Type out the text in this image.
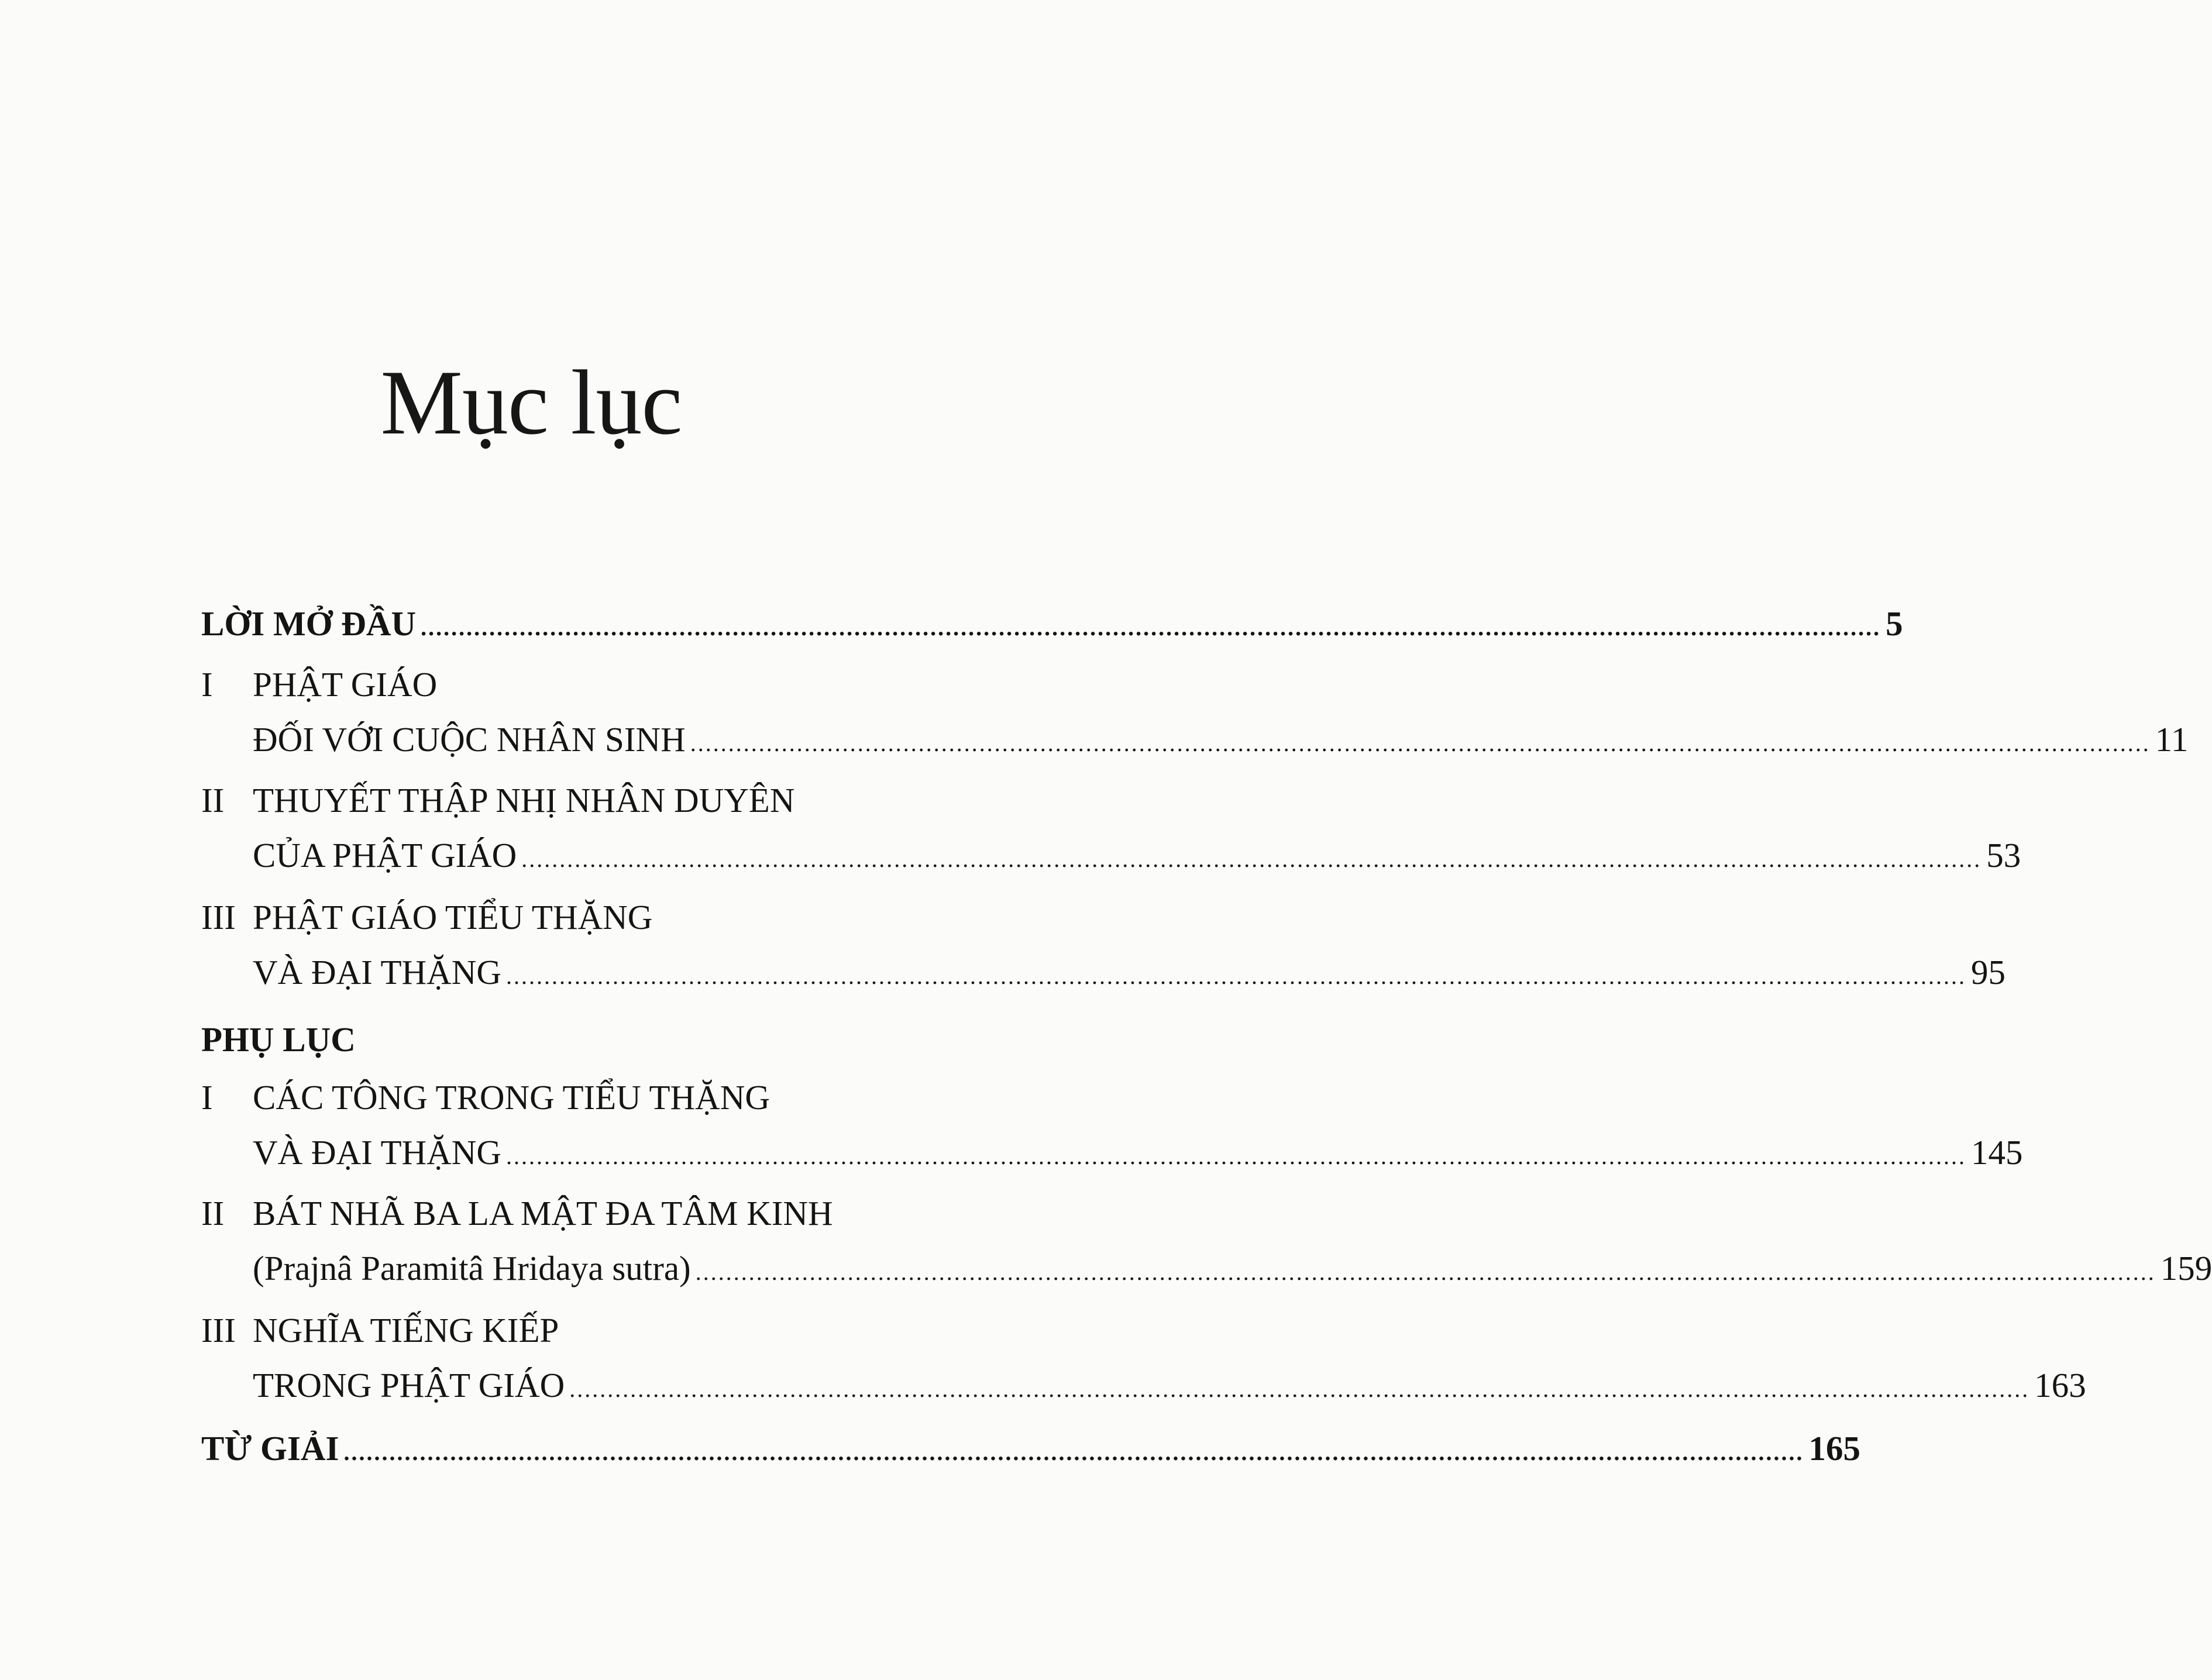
Mục lục
LỜI MỞ ĐẦU ................................................................................................................................................................................................ 5
I	PHẬT GIÁO
ĐỐI VỚI CUỘC NHÂN SINH ................................................................................................................................................................................................ 11
II THUYẾT THẬP NHỊ NHÂN DUYÊN
CỦA PHẬT GIÁO ................................................................................................................................................................................................ 53
III PHẬT GIÁO TIỂU THẶNG
VÀ ĐẠI THẶNG ................................................................................................................................................................................................ 95
PHỤ LỤC
I	CÁC TÔNG TRONG TIỂU THẶNG
VÀ ĐẠI THẶNG ................................................................................................................................................................................................ 145
II BÁT NHÃ BA LA MẬT ĐA TÂM KINH
(Prajnâ Paramitâ Hridaya sutra) ................................................................................................................................................................................................ 159
III NGHĨA TIẾNG KIẾP
TRONG PHẬT GIÁO ................................................................................................................................................................................................ 163
TỪ GIẢI ................................................................................................................................................................................................ 165
